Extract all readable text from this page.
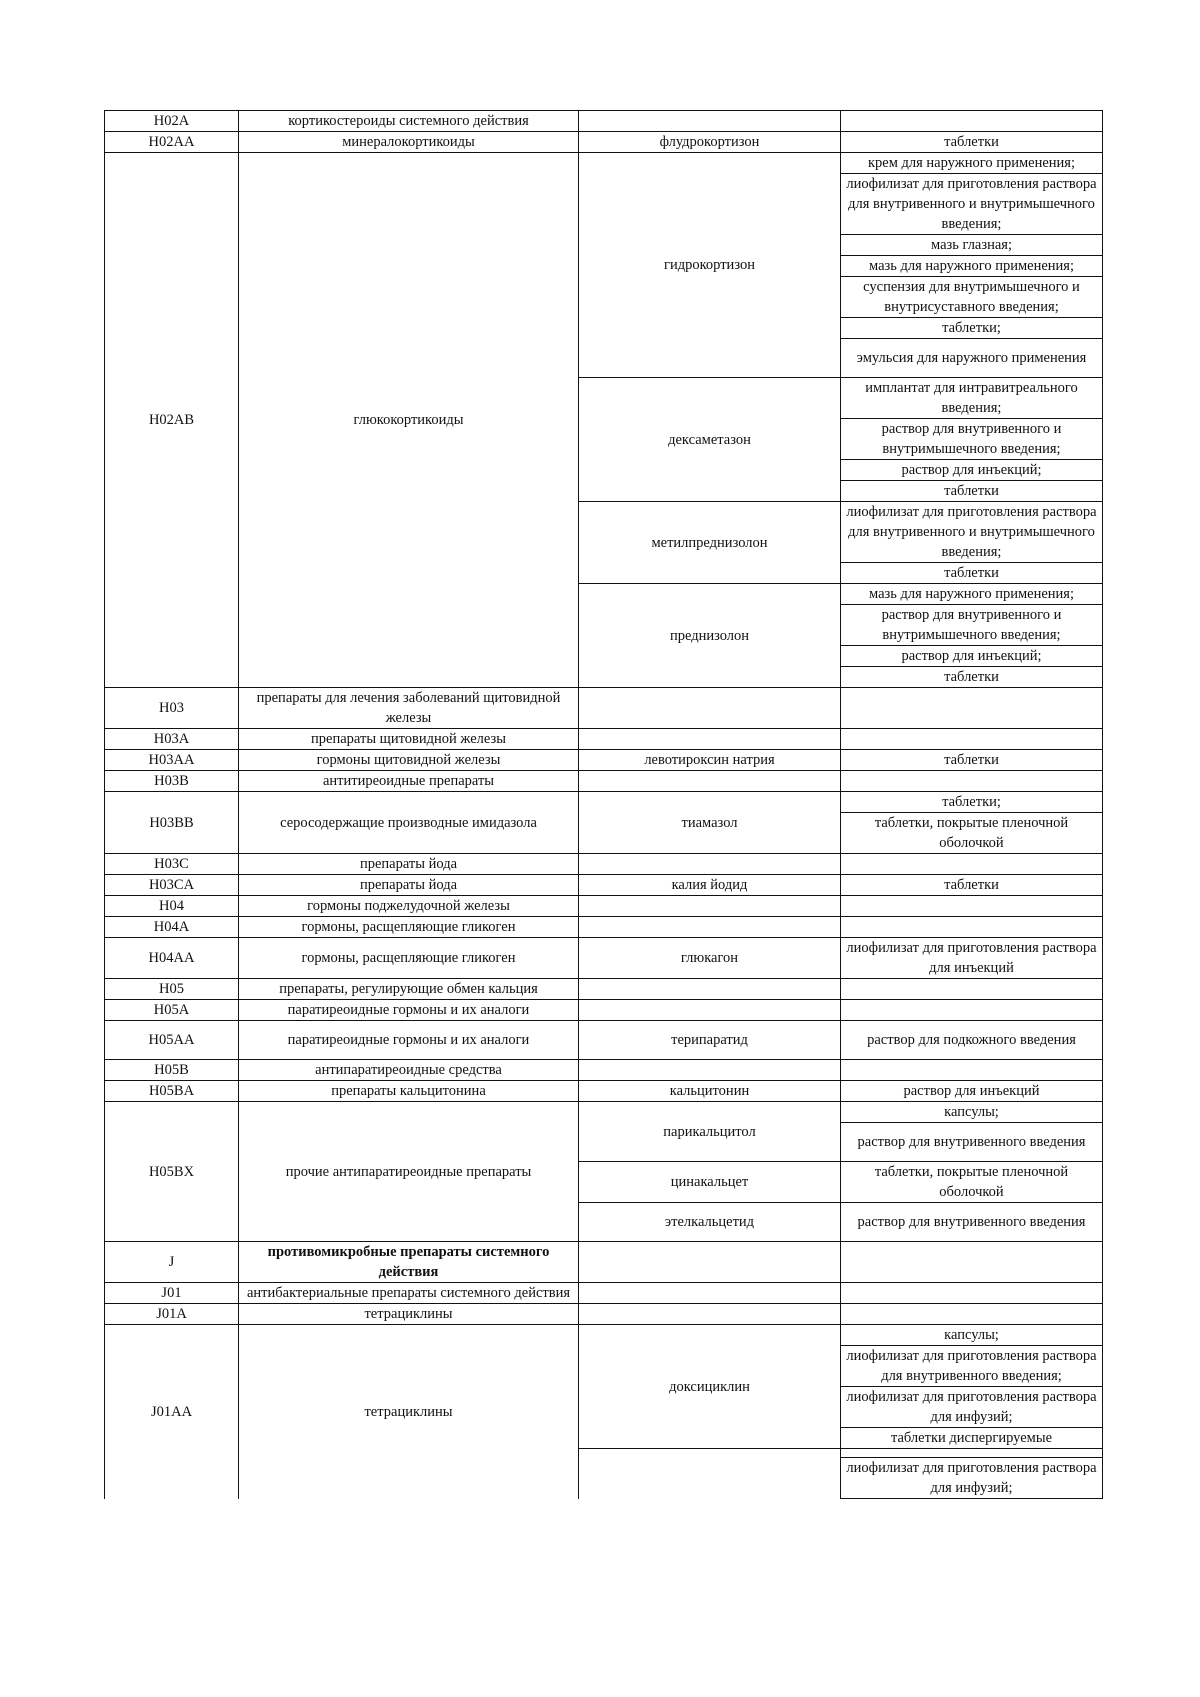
H02A	кортикостероиды системного действия		
H02AA	минералокортикоиды	флудрокортизон	таблетки
H02AB	глюкокортикоиды	гидрокортизон	крем для наружного применения;
			лиофилизат для приготовления раствора для внутривенного и внутримышечного введения;
			мазь глазная;
			мазь для наружного применения;
			суспензия для внутримышечного и внутрисуставного введения;
			таблетки;
			эмульсия для наружного применения
		дексаметазон	имплантат для интравитреального введения;
			раствор для внутривенного и внутримышечного введения;
			раствор для инъекций;
			таблетки
		метилпреднизолон	лиофилизат для приготовления раствора для внутривенного и внутримышечного введения;
			таблетки
		преднизолон	мазь для наружного применения;
			раствор для внутривенного и внутримышечного введения;
			раствор для инъекций;
			таблетки
H03	препараты для лечения заболеваний щитовидной железы		
H03A	препараты щитовидной железы		
H03AA	гормоны щитовидной железы	левотироксин натрия	таблетки
H03B	антитиреоидные препараты		
H03BB	серосодержащие производные имидазола	тиамазол	таблетки;
			таблетки, покрытые пленочной оболочкой
H03C	препараты йода		
H03CA	препараты йода	калия йодид	таблетки
H04	гормоны поджелудочной железы		
H04A	гормоны, расщепляющие гликоген		
H04AA	гормоны, расщепляющие гликоген	глюкагон	лиофилизат для приготовления раствора для инъекций
H05	препараты, регулирующие обмен кальция		
H05A	паратиреоидные гормоны и их аналоги		
H05AA	паратиреоидные гормоны и их аналоги	терипаратид	раствор для подкожного введения
H05B	антипаратиреоидные средства		
H05BA	препараты кальцитонина	кальцитонин	раствор для инъекций
H05BX	прочие антипаратиреоидные препараты	парикальцитол	капсулы;
			раствор для внутривенного введения
		цинакальцет	таблетки, покрытые пленочной оболочкой
		этелкальцетид	раствор для внутривенного введения
J	противомикробные препараты системного действия		
J01	антибактериальные препараты системного действия		
J01A	тетрациклины		
J01AA	тетрациклины	доксициклин	капсулы;
			лиофилизат для приготовления раствора для внутривенного введения;
			лиофилизат для приготовления раствора для инфузий;
			таблетки диспергируемые

			лиофилизат для приготовления раствора для инфузий;
